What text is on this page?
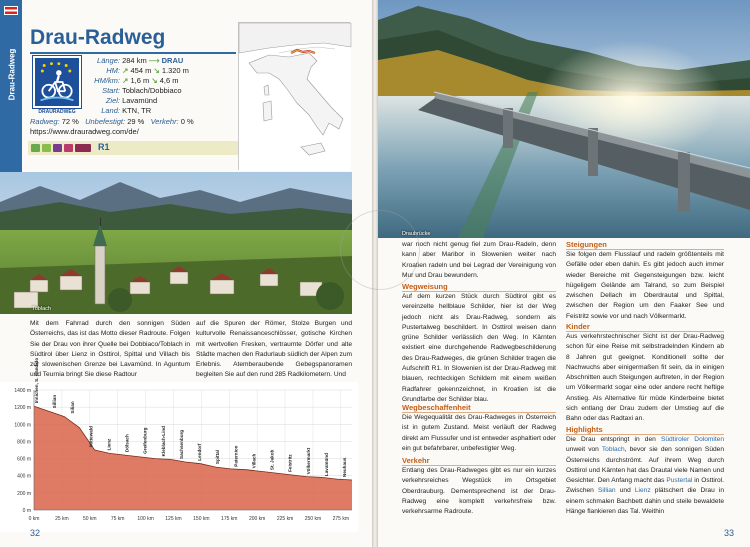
Drau-Radweg
Drau-Radweg
DRAURADWEG
Länge: 284 km ⟶ DRAU
HM: ↗ 454 m ↘ 1.320 m
HM/km: ↗ 1,6 m ↘ 4,6 m
Start: Toblach/Dobbiaco
Ziel: Lavamünd
Land: KTN, TR
Radweg: 72 % Unbefestigt: 29 % Verkehr: 0 %
https://www.drauradweg.com/de/
R1
Toblach

Mit dem Fahrrad durch den sonnigen Süden Österreichs, das ist das Motto dieser Radroute. Folgen Sie der Drau von ihrer Quelle bei Dobbiaco/Toblach in Südtirol über Lienz in Osttirol, Spittal und Villach bis zur slowenischen Grenze bei Lavamünd. In Aguntum und Teurnia bringt Sie diese Radtour

auf die Spuren der Römer, Stolze Burgen und kulturvolle Renaissanceschlösser, gotische Kirchen mit wertvollen Fresken, vertraumte Dörfer und alte Städte machen den Radurlaub südlich der Alpen zum Erlebnis. Atemberaubende Gebegspanoramen begleiten Sie auf den rund 285 Radkilometern. Und

1400 m
1200 m
1000 m
800 m
600 m
400 m
200 m
0 m
0 km	25 km	50 km	75 km	100 km 125 km 150 km 175 km 200 km 225 km 250 km 275 km
Innichen, S. Candido	Sillian	Silian
Mittewald	Lienz	Dölsach	Greifenburg	Kleblach-Lind	Sachsenburg	Lendorf	Spittal	Paternion	Villach	St. Jakob	Feistritz	Völkermarkt	Lavamünd	Neuhaus
32
Draubrücke

war noch nicht genug fiel zum Drau-Radeln, denn kann aber Maribor in Slowenien weiter nach Kroatien radeln und bei Legrad der Vereinigung von Mur und Drau bewundern.

Wegweisung

Auf dem kurzen Stück durch Südtirol gibt es vereinzelte hellblaue Schilder, hier ist der Weg jedoch nicht als Drau-Radweg, sondern als Pustertalweg beschildert. In Osttirol weisen dann grüne Schilder verlässlich den Weg. In Kärnten existiert eine durchgehende Radwegbeschilderung des Drau-Radweges, die grünen Schilder tragen die Aufschrift R1. In Slowenien ist der Drau-Radweg mit blauen, rechteckigen Schildern mit einem weißen Radfahrer gekennzeichnet, in Kroatien ist die Grundfarbe der Schilder blau.

Wegbeschaffenheit

Die Wegequalität des Drau-Radweges in Österreich ist in gutem Zustand. Meist verläuft der Radweg direkt am Flussufer und ist entweder asphaltiert oder ein gut befahrbarer, unbefestigter Weg.

Verkehr

Entlang des Drau-Radweges gibt es nur ein kurzes verkehrsreiches Wegstück im Ortsgebiet Oberdrauburg. Dementsprechend ist der Drau-Radweg eine komplett verkehrsfreie bzw. verkehrsarme Radroute.

Steigungen

Sie folgen dem Flusslauf und radeln größtenteils mit Gefälle oder eben dahin. Es gibt jedoch auch immer wieder Bereiche mit Gegensteigungen bzw. leicht hügeligem Gelände am Talrand, so zum Beispiel zwischen Dellach im Oberdrautal und Spittal, zwischen der Region um den Faaker See und Feistritz sowie vor und nach Völkermarkt.

Kinder

Aus verkehrstechnischer Sicht ist der Drau-Radweg schon für eine Reise mit selbstradelnden Kindern ab 8 Jahren gut geeignet. Konditionell sollte der Nachwuchs aber einigermaßen fit sein, da in einigen Abschnitten auch Steigungen auftreten, in der Region um Völkermarkt sogar eine oder andere recht heftige Anstieg. Als Alternative für müde Kinderbeine bietet sich entlang der Drau zudem der Umstieg auf die Bahn oder das Radtaxi an.

Highlights

Die Drau entspringt in den Südtiroler Dolomiten unweit von Toblach, bevor sie den sonnigen Süden Österreichs durchströmt. Auf ihrem Weg durch Osttirol und Kärnten hat das Drautal viele Namen und Gesichter. Den Anfang macht das Pustertal in Osttirol. Zwischen Sillian und Lienz plätschert die Drau in einem schmalen Bachbett dahin und steile bewaldete Hänge flankieren das Tal. Weithin

33
